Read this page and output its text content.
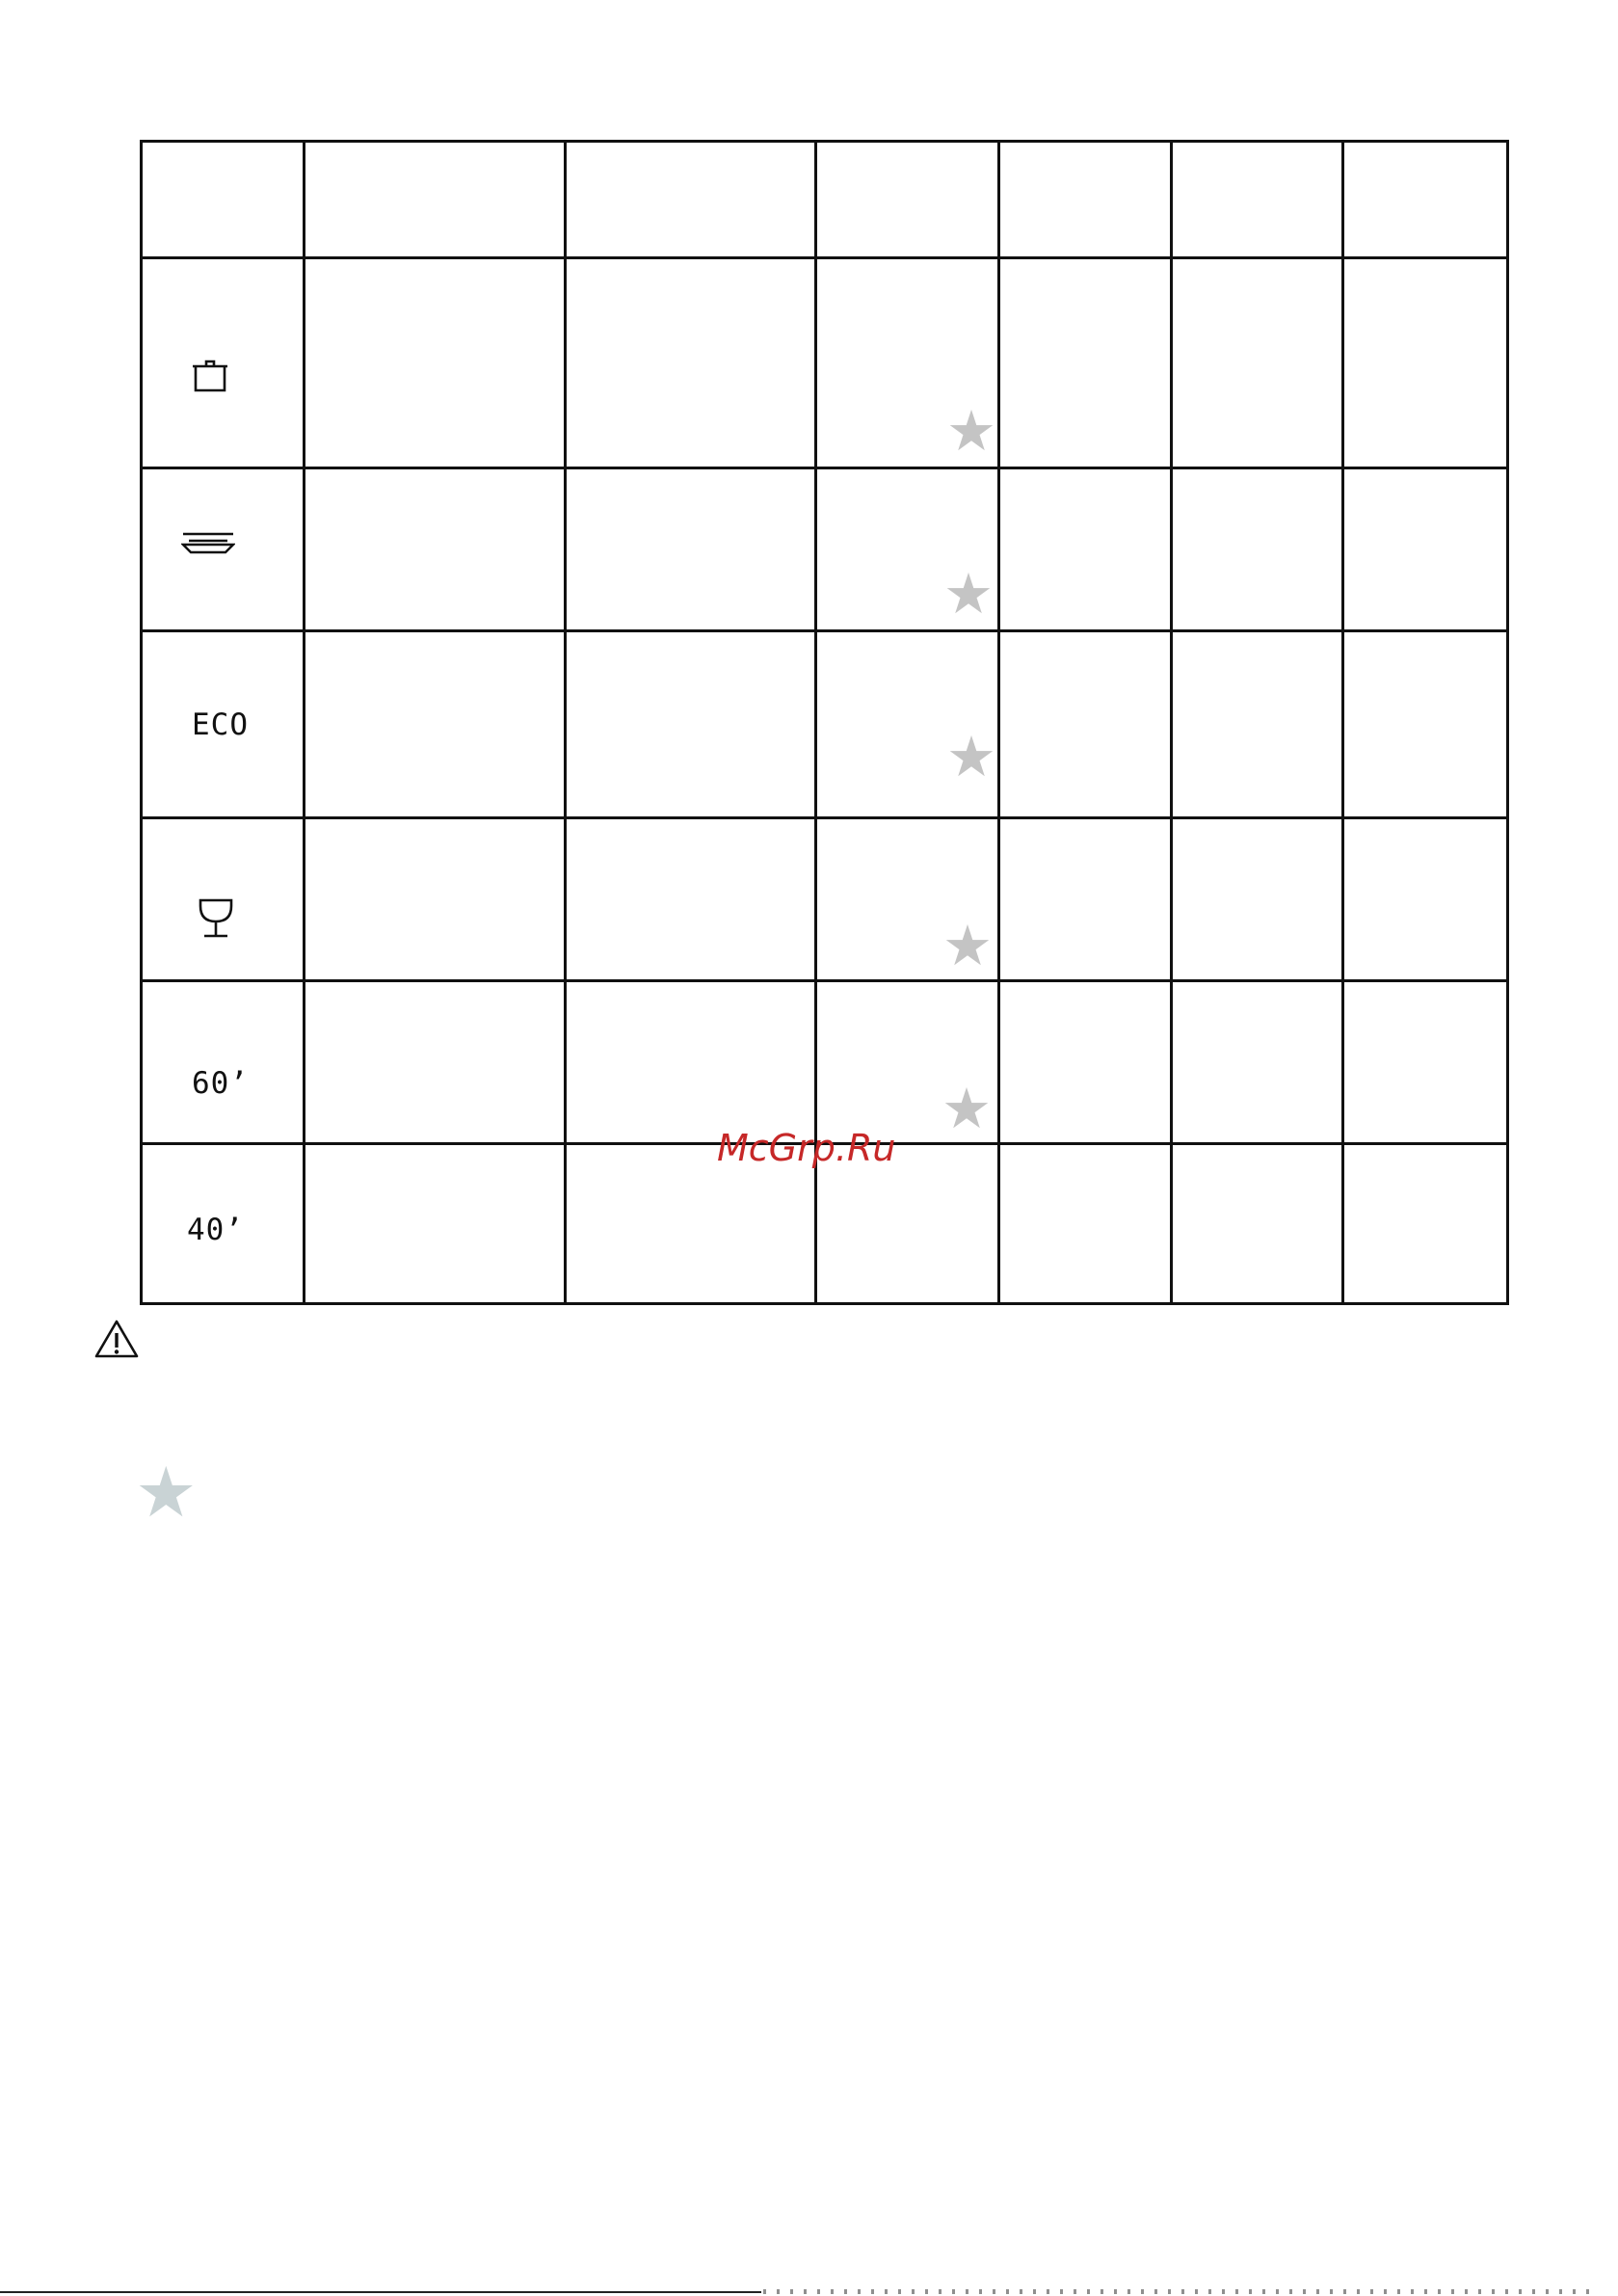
★
★
ECO	★
★
60’	★
40’
McGrp.Ru
★
